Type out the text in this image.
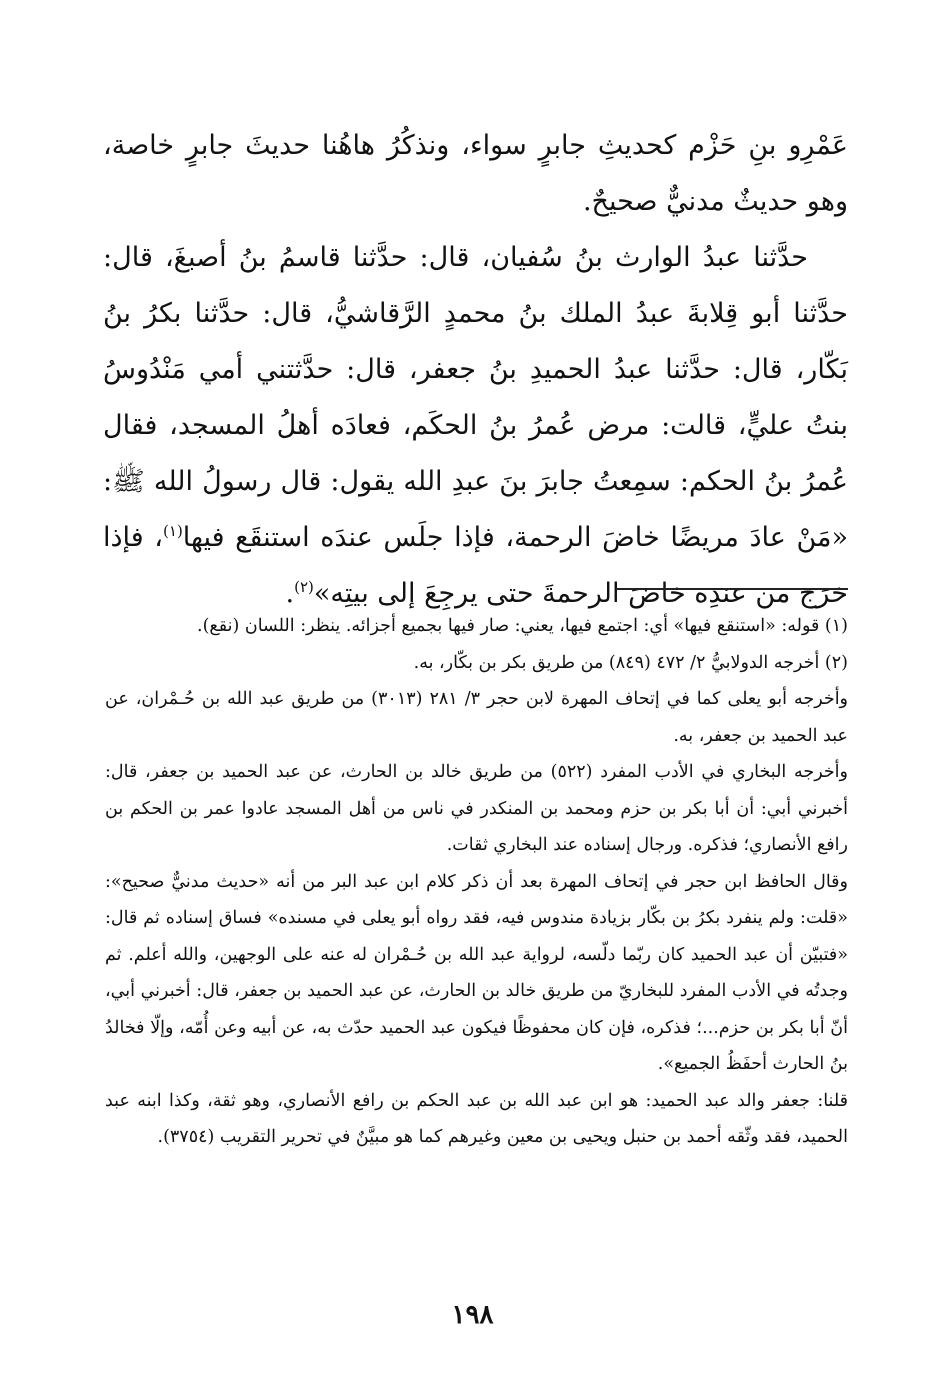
عَمْرِو بنِ حَزْم كحديثِ جابرٍ سواء، ونذكُرُ هاهُنا حديثَ جابرٍ خاصة، وهو حديثٌ مدنيٌّ صحيحٌ.

حدَّثنا عبدُ الوارث بنُ سُفيان، قال: حدَّثنا قاسمُ بنُ أصبغَ، قال: حدَّثنا أبو قِلابةَ عبدُ الملك بنُ محمدٍ الرَّقاشيُّ، قال: حدَّثنا بكرُ بنُ بَكّار، قال: حدَّثنا عبدُ الحميدِ بنُ جعفر، قال: حدَّثتني أمي مَنْدُوسُ بنتُ عليٍّ، قالت: مرض عُمرُ بنُ الحكَم، فعادَه أهلُ المسجد، فقال عُمرُ بنُ الحكم: سمِعتُ جابرَ بنَ عبدِ الله يقول: قال رسولُ الله ﷺ: «مَنْ عادَ مريضًا خاضَ الرحمة، فإذا جلَس عندَه استنقَع فيها$^{(١)}$، فإذا خرَج من عندِه خاضَ الرحمةَ حتى يرجِعَ إلى بيتِه»$^{(٢)}$.

(١) قوله: «استنقع فيها» أي: اجتمع فيها، يعني: صار فيها بجميع أجزائه. ينظر: اللسان (نقع).

(٢) أخرجه الدولابيُّ ٢/ ٤٧٢ (٨٤٩) من طريق بكر بن بكّار، به.

وأخرجه أبو يعلى كما في إتحاف المهرة لابن حجر ٣/ ٢٨١ (٣٠١٣) من طريق عبد الله بن حُـمْران، عن عبد الحميد بن جعفر، به.

وأخرجه البخاري في الأدب المفرد (٥٢٢) من طريق خالد بن الحارث، عن عبد الحميد بن جعفر، قال: أخبرني أبي: أن أبا بكر بن حزم ومحمد بن المنكدر في ناس من أهل المسجد عادوا عمر بن الحكم بن رافع الأنصاري؛ فذكره. ورجال إسناده عند البخاري ثقات.

وقال الحافظ ابن حجر في إتحاف المهرة بعد أن ذكر كلام ابن عبد البر من أنه «حديث مدنيٌّ صحيح»: «قلت: ولم ينفرد بكرُ بن بكّار بزيادة مندوس فيه، فقد رواه أبو يعلى في مسنده» فساق إسناده ثم قال: «فتبيّن أن عبد الحميد كان ربّما دلّسه، لرواية عبد الله بن حُـمْران له عنه على الوجهين، والله أعلم. ثم وجدتُه في الأدب المفرد للبخاريّ من طريق خالد بن الحارث، عن عبد الحميد بن جعفر، قال: أخبرني أبي، أنّ أبا بكر بن حزم...؛ فذكره، فإن كان محفوظًا فيكون عبد الحميد حدّث به، عن أبيه وعن أُمّه، وإلّا فخالدُ بنُ الحارث أحفَظُ الجميع».

قلنا: جعفر والد عبد الحميد: هو ابن عبد الله بن عبد الحكم بن رافع الأنصاري، وهو ثقة، وكذا ابنه عبد الحميد، فقد وثّقه أحمد بن حنبل ويحيى بن معين وغيرهم كما هو مبيَّنٌ في تحرير التقريب (٣٧٥٤).

١٩٨
